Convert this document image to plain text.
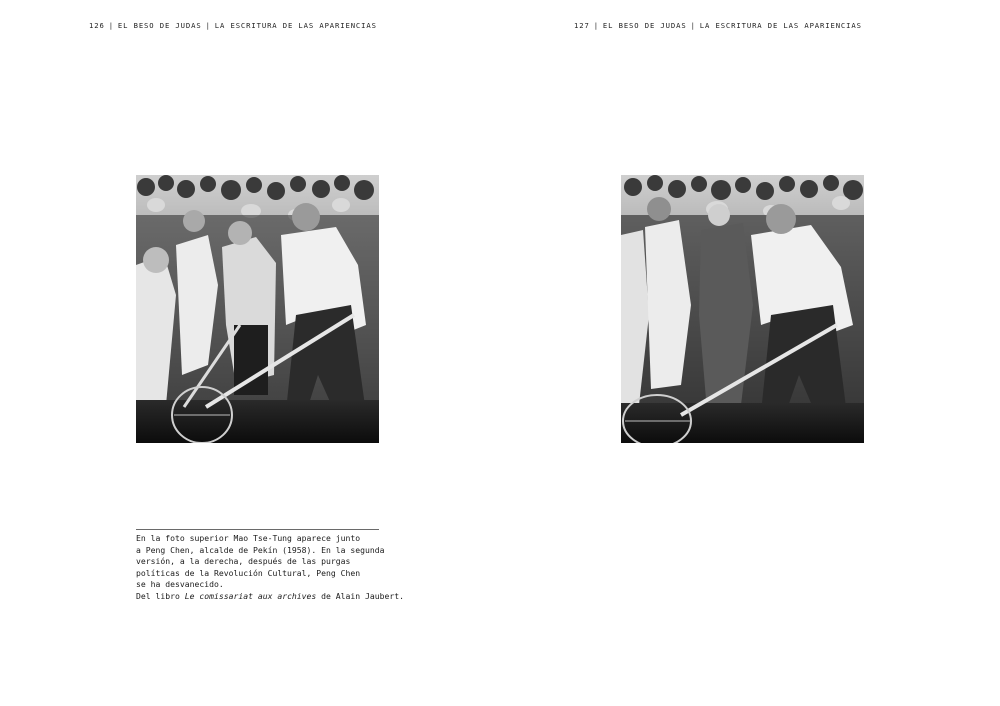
126 | EL BESO DE JUDAS | LA ESCRITURA DE LAS APARIENCIAS
En la foto superior Mao Tse-Tung aparece junto
a Peng Chen, alcalde de Pekín (1958). En la segunda
versión, a la derecha, después de las purgas
políticas de la Revolución Cultural, Peng Chen
se ha desvanecido.
Del libro Le comissariat aux archives de Alain Jaubert.
127 | EL BESO DE JUDAS | LA ESCRITURA DE LAS APARIENCIAS
